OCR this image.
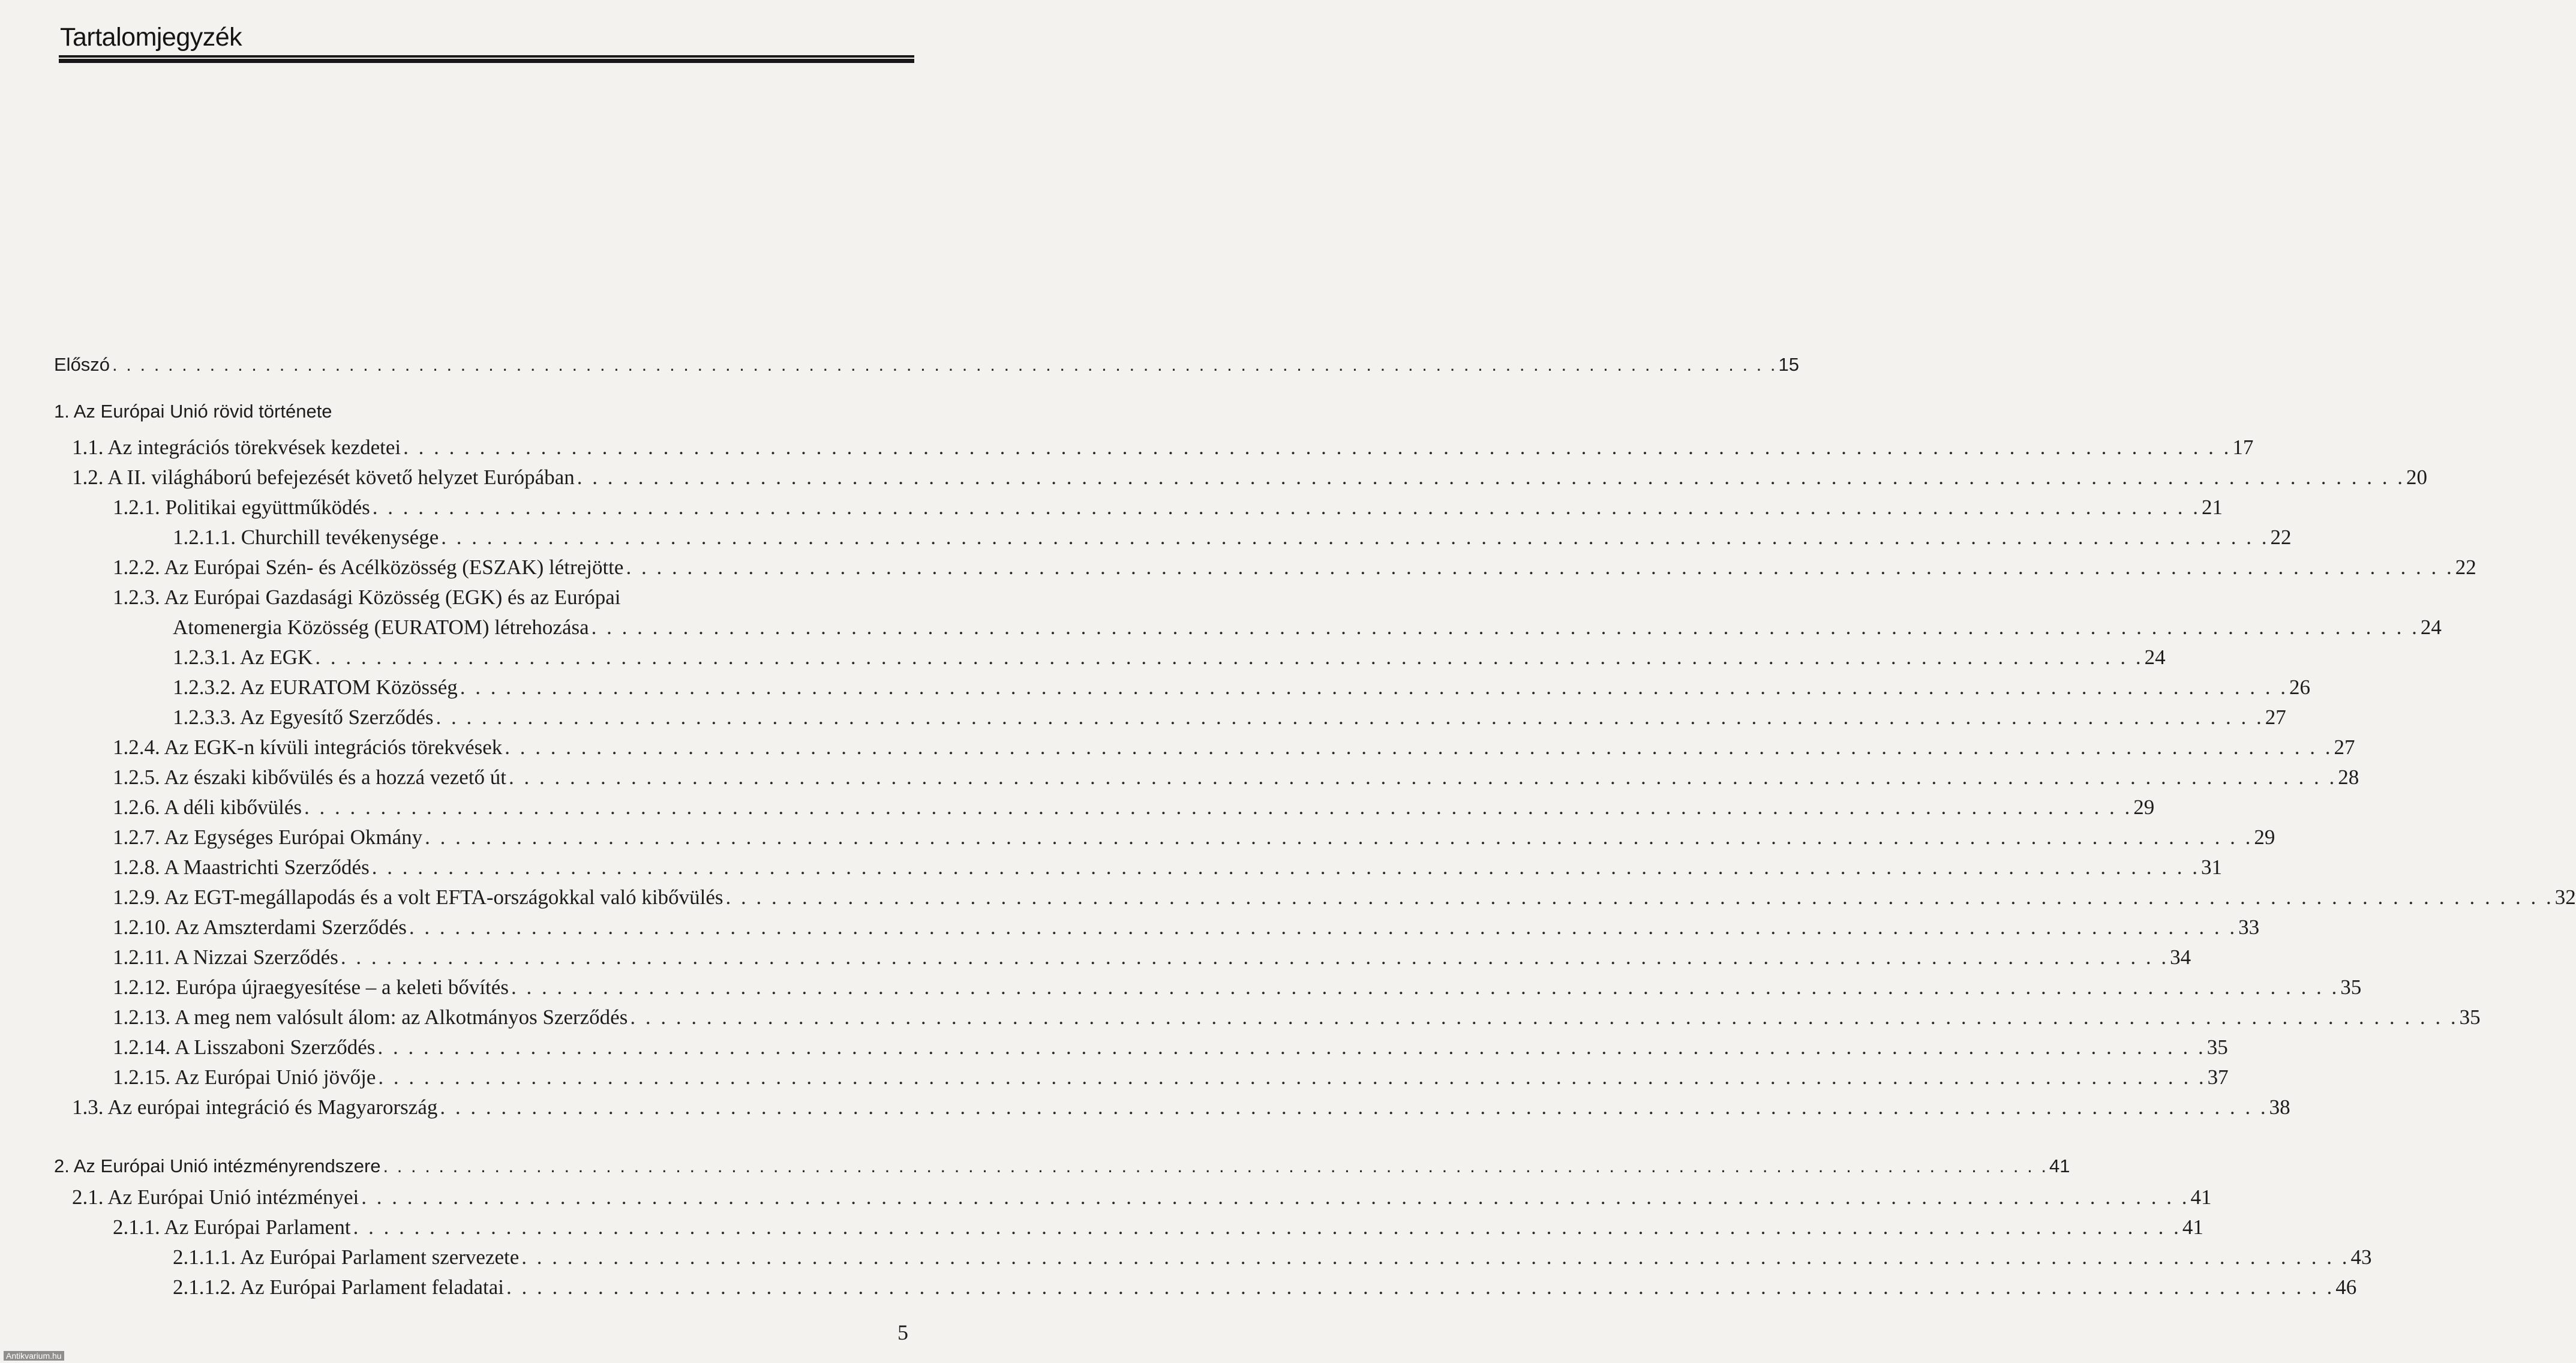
Tartalomjegyzék
Előszó . . . . . . . . . . . . . . . . . . . . . . . . . . . . . . . . . . . . . . . . . . . . . . . . . . . . . . . . . . . . . . . . . . . . . . . . . . . . . . . . . . . . . . . . . . . . . . . . . . . . . . . . . . . . . . . . . . . . . . . . 15
1. Az Európai Unió rövid története
1.1. Az integrációs törekvések kezdetei . . . . . . . . . . . . . . . . . . . . . . . . . . . . . . . . . . . . . . . . . . . . . . . . . . . . . . . . . . . . . . . . . . . . . . . . . . . . . . . . . . . . . . . . . . . . . . . . . . . . . . . . . . . . . . . . . . . . . . . . 17
1.2. A II. világháború befejezését követő helyzet Európában . . . . . . . . . . . . . . . . . . . . . . . . . . . . . . . . . . . . . . . . . . . . . . . . . . . . . . . . . . . . . . . . . . . . . . . . . . . . . . . . . . . . . . . . . . . . . . . . . . . . . . . . . . . . . . . . . . . . . . . . 20
1.2.1. Politikai együttműködés . . . . . . . . . . . . . . . . . . . . . . . . . . . . . . . . . . . . . . . . . . . . . . . . . . . . . . . . . . . . . . . . . . . . . . . . . . . . . . . . . . . . . . . . . . . . . . . . . . . . . . . . . . . . . . . . . . . . . . . . 21
1.2.1.1. Churchill tevékenysége . . . . . . . . . . . . . . . . . . . . . . . . . . . . . . . . . . . . . . . . . . . . . . . . . . . . . . . . . . . . . . . . . . . . . . . . . . . . . . . . . . . . . . . . . . . . . . . . . . . . . . . . . . . . . . . . . . . . . . . . 22
1.2.2. Az Európai Szén- és Acélközösség (ESZAK) létrejötte . . . . . . . . . . . . . . . . . . . . . . . . . . . . . . . . . . . . . . . . . . . . . . . . . . . . . . . . . . . . . . . . . . . . . . . . . . . . . . . . . . . . . . . . . . . . . . . . . . . . . . . . . . . . . . . . . . . . . . . . 22
1.2.3. Az Európai Gazdasági Közösség (EGK) és az Európai
Atomenergia Közösség (EURATOM) létrehozása . . . . . . . . . . . . . . . . . . . . . . . . . . . . . . . . . . . . . . . . . . . . . . . . . . . . . . . . . . . . . . . . . . . . . . . . . . . . . . . . . . . . . . . . . . . . . . . . . . . . . . . . . . . . . . . . . . . . . . . . 24
1.2.3.1. Az EGK . . . . . . . . . . . . . . . . . . . . . . . . . . . . . . . . . . . . . . . . . . . . . . . . . . . . . . . . . . . . . . . . . . . . . . . . . . . . . . . . . . . . . . . . . . . . . . . . . . . . . . . . . . . . . . . . . . . . . . . . 24
1.2.3.2. Az EURATOM Közösség . . . . . . . . . . . . . . . . . . . . . . . . . . . . . . . . . . . . . . . . . . . . . . . . . . . . . . . . . . . . . . . . . . . . . . . . . . . . . . . . . . . . . . . . . . . . . . . . . . . . . . . . . . . . . . . . . . . . . . . . 26
1.2.3.3. Az Egyesítő Szerződés . . . . . . . . . . . . . . . . . . . . . . . . . . . . . . . . . . . . . . . . . . . . . . . . . . . . . . . . . . . . . . . . . . . . . . . . . . . . . . . . . . . . . . . . . . . . . . . . . . . . . . . . . . . . . . . . . . . . . . . . 27
1.2.4. Az EGK-n kívüli integrációs törekvések . . . . . . . . . . . . . . . . . . . . . . . . . . . . . . . . . . . . . . . . . . . . . . . . . . . . . . . . . . . . . . . . . . . . . . . . . . . . . . . . . . . . . . . . . . . . . . . . . . . . . . . . . . . . . . . . . . . . . . . . 27
1.2.5. Az északi kibővülés és a hozzá vezető út . . . . . . . . . . . . . . . . . . . . . . . . . . . . . . . . . . . . . . . . . . . . . . . . . . . . . . . . . . . . . . . . . . . . . . . . . . . . . . . . . . . . . . . . . . . . . . . . . . . . . . . . . . . . . . . . . . . . . . . . 28
1.2.6. A déli kibővülés . . . . . . . . . . . . . . . . . . . . . . . . . . . . . . . . . . . . . . . . . . . . . . . . . . . . . . . . . . . . . . . . . . . . . . . . . . . . . . . . . . . . . . . . . . . . . . . . . . . . . . . . . . . . . . . . . . . . . . . . 29
1.2.7. Az Egységes Európai Okmány . . . . . . . . . . . . . . . . . . . . . . . . . . . . . . . . . . . . . . . . . . . . . . . . . . . . . . . . . . . . . . . . . . . . . . . . . . . . . . . . . . . . . . . . . . . . . . . . . . . . . . . . . . . . . . . . . . . . . . . . 29
1.2.8. A Maastrichti Szerződés . . . . . . . . . . . . . . . . . . . . . . . . . . . . . . . . . . . . . . . . . . . . . . . . . . . . . . . . . . . . . . . . . . . . . . . . . . . . . . . . . . . . . . . . . . . . . . . . . . . . . . . . . . . . . . . . . . . . . . . . 31
1.2.9. Az EGT-megállapodás és a volt EFTA-országokkal való kibővülés . . . . . . . . . . . . . . . . . . . . . . . . . . . . . . . . . . . . . . . . . . . . . . . . . . . . . . . . . . . . . . . . . . . . . . . . . . . . . . . . . . . . . . . . . . . . . . . . . . . . . . . . . . . . . . . . . . . . . . . . 32
1.2.10. Az Amszterdami Szerződés . . . . . . . . . . . . . . . . . . . . . . . . . . . . . . . . . . . . . . . . . . . . . . . . . . . . . . . . . . . . . . . . . . . . . . . . . . . . . . . . . . . . . . . . . . . . . . . . . . . . . . . . . . . . . . . . . . . . . . . . 33
1.2.11. A Nizzai Szerződés . . . . . . . . . . . . . . . . . . . . . . . . . . . . . . . . . . . . . . . . . . . . . . . . . . . . . . . . . . . . . . . . . . . . . . . . . . . . . . . . . . . . . . . . . . . . . . . . . . . . . . . . . . . . . . . . . . . . . . . . 34
1.2.12. Európa újraegyesítése – a keleti bővítés . . . . . . . . . . . . . . . . . . . . . . . . . . . . . . . . . . . . . . . . . . . . . . . . . . . . . . . . . . . . . . . . . . . . . . . . . . . . . . . . . . . . . . . . . . . . . . . . . . . . . . . . . . . . . . . . . . . . . . . . 35
1.2.13. A meg nem valósult álom: az Alkotmányos Szerződés . . . . . . . . . . . . . . . . . . . . . . . . . . . . . . . . . . . . . . . . . . . . . . . . . . . . . . . . . . . . . . . . . . . . . . . . . . . . . . . . . . . . . . . . . . . . . . . . . . . . . . . . . . . . . . . . . . . . . . . . 35
1.2.14. A Lisszaboni Szerződés . . . . . . . . . . . . . . . . . . . . . . . . . . . . . . . . . . . . . . . . . . . . . . . . . . . . . . . . . . . . . . . . . . . . . . . . . . . . . . . . . . . . . . . . . . . . . . . . . . . . . . . . . . . . . . . . . . . . . . . . 35
1.2.15. Az Európai Unió jövője . . . . . . . . . . . . . . . . . . . . . . . . . . . . . . . . . . . . . . . . . . . . . . . . . . . . . . . . . . . . . . . . . . . . . . . . . . . . . . . . . . . . . . . . . . . . . . . . . . . . . . . . . . . . . . . . . . . . . . . . 37
1.3. Az európai integráció és Magyarország . . . . . . . . . . . . . . . . . . . . . . . . . . . . . . . . . . . . . . . . . . . . . . . . . . . . . . . . . . . . . . . . . . . . . . . . . . . . . . . . . . . . . . . . . . . . . . . . . . . . . . . . . . . . . . . . . . . . . . . . 38
2. Az Európai Unió intézményrendszere . . . . . . . . . . . . . . . . . . . . . . . . . . . . . . . . . . . . . . . . . . . . . . . . . . . . . . . . . . . . . . . . . . . . . . . . . . . . . . . . . . . . . . . . . . . . . . . . . . . . . . . . . . . . . . . . . . . . . . . . 41
2.1. Az Európai Unió intézményei . . . . . . . . . . . . . . . . . . . . . . . . . . . . . . . . . . . . . . . . . . . . . . . . . . . . . . . . . . . . . . . . . . . . . . . . . . . . . . . . . . . . . . . . . . . . . . . . . . . . . . . . . . . . . . . . . . . . . . . . 41
2.1.1. Az Európai Parlament . . . . . . . . . . . . . . . . . . . . . . . . . . . . . . . . . . . . . . . . . . . . . . . . . . . . . . . . . . . . . . . . . . . . . . . . . . . . . . . . . . . . . . . . . . . . . . . . . . . . . . . . . . . . . . . . . . . . . . . . 41
2.1.1.1. Az Európai Parlament szervezete . . . . . . . . . . . . . . . . . . . . . . . . . . . . . . . . . . . . . . . . . . . . . . . . . . . . . . . . . . . . . . . . . . . . . . . . . . . . . . . . . . . . . . . . . . . . . . . . . . . . . . . . . . . . . . . . . . . . . . . . 43
2.1.1.2. Az Európai Parlament feladatai . . . . . . . . . . . . . . . . . . . . . . . . . . . . . . . . . . . . . . . . . . . . . . . . . . . . . . . . . . . . . . . . . . . . . . . . . . . . . . . . . . . . . . . . . . . . . . . . . . . . . . . . . . . . . . . . . . . . . . . . 46
5
Antikvarium.hu
